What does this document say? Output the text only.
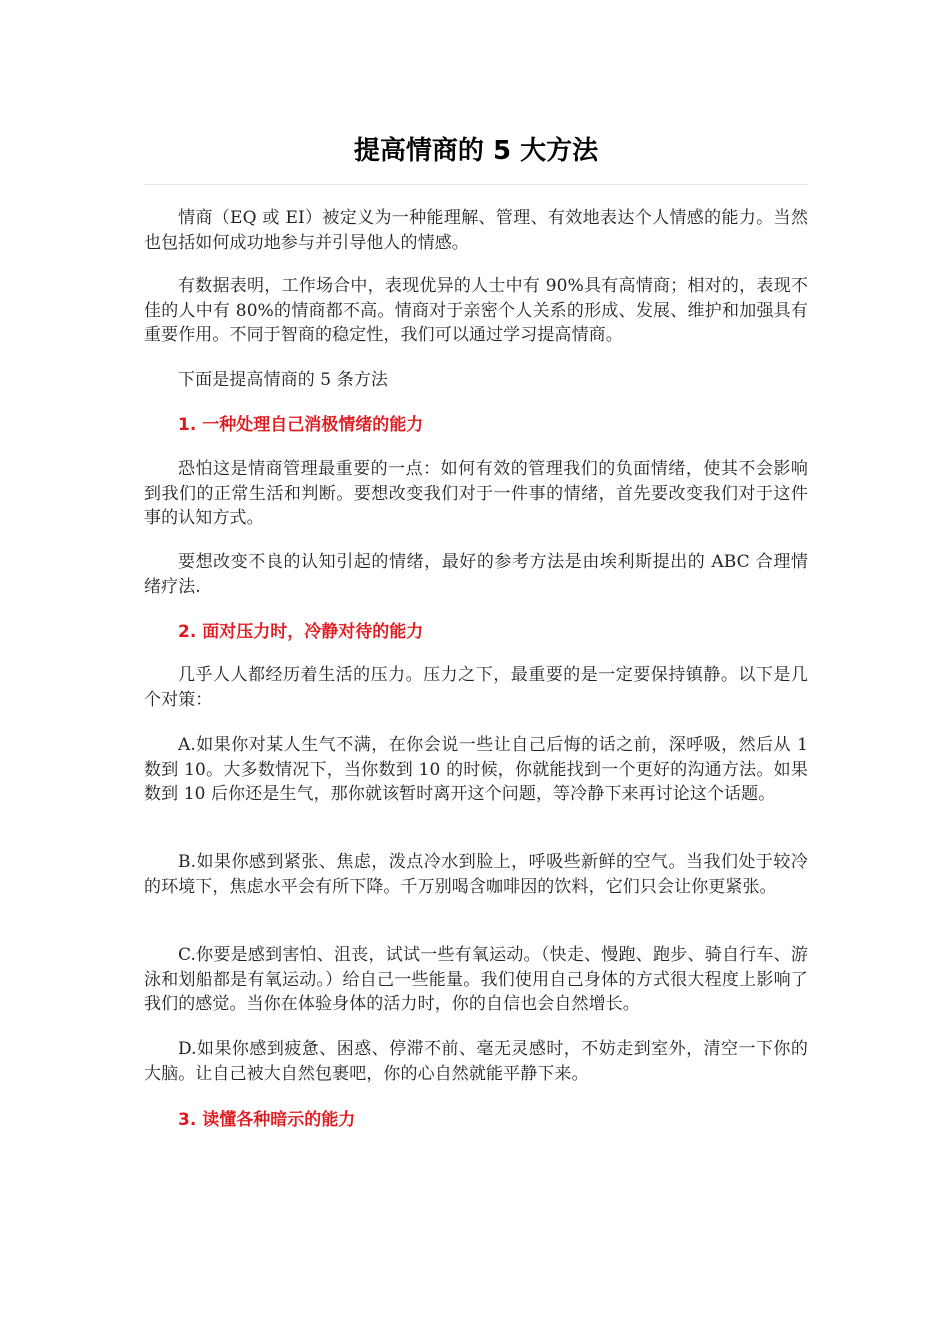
提高情商的 5 大方法

情商（EQ 或 EI）被定义为一种能理解、管理、有效地表达个人情感的能力。当然也包括如何成功地参与并引导他人的情感。

有数据表明，工作场合中，表现优异的人士中有 90%具有高情商；相对的，表现不佳的人中有 80%的情商都不高。情商对于亲密个人关系的形成、发展、维护和加强具有重要作用。不同于智商的稳定性，我们可以通过学习提高情商。

下面是提高情商的 5 条方法

1. 一种处理自己消极情绪的能力

恐怕这是情商管理最重要的一点：如何有效的管理我们的负面情绪，使其不会影响到我们的正常生活和判断。要想改变我们对于一件事的情绪，首先要改变我们对于这件事的认知方式。

要想改变不良的认知引起的情绪，最好的参考方法是由埃利斯提出的 ABC 合理情绪疗法.

2. 面对压力时，冷静对待的能力

几乎人人都经历着生活的压力。压力之下，最重要的是一定要保持镇静。以下是几个对策：

A.如果你对某人生气不满，在你会说一些让自己后悔的话之前，深呼吸，然后从 1 数到 10。大多数情况下，当你数到 10 的时候，你就能找到一个更好的沟通方法。如果数到 10 后你还是生气，那你就该暂时离开这个问题，等冷静下来再讨论这个话题。

B.如果你感到紧张、焦虑，泼点冷水到脸上，呼吸些新鲜的空气。当我们处于较冷的环境下，焦虑水平会有所下降。千万别喝含咖啡因的饮料，它们只会让你更紧张。

C.你要是感到害怕、沮丧，试试一些有氧运动。（快走、慢跑、跑步、骑自行车、游泳和划船都是有氧运动。）给自己一些能量。我们使用自己身体的方式很大程度上影响了我们的感觉。当你在体验身体的活力时，你的自信也会自然增长。

D.如果你感到疲惫、困惑、停滞不前、毫无灵感时，不妨走到室外，清空一下你的大脑。让自己被大自然包裹吧，你的心自然就能平静下来。

3. 读懂各种暗示的能力
